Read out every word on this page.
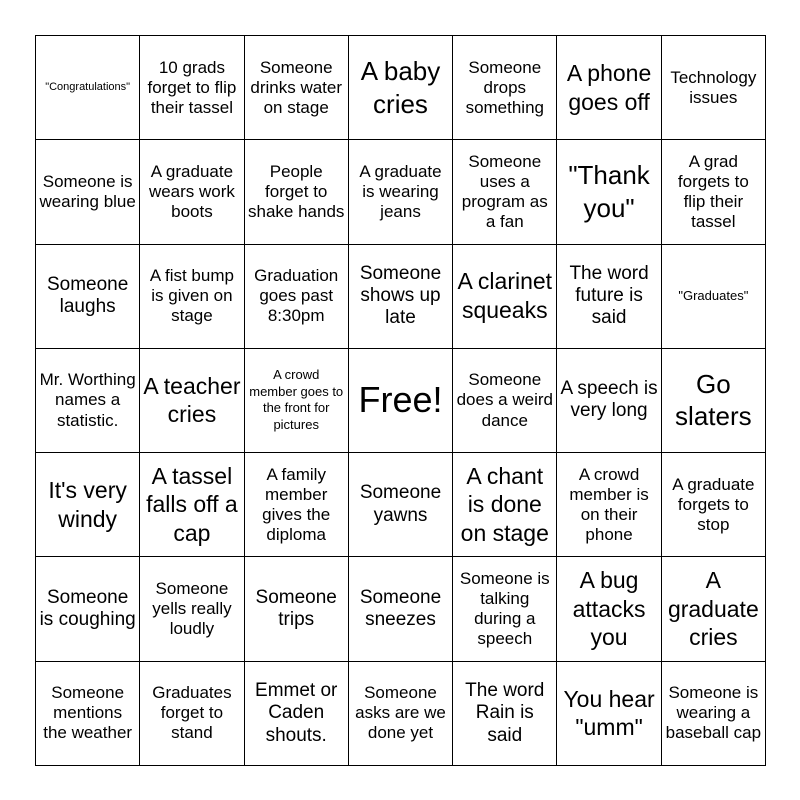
"Congratulations"
10 grads forget to flip their tassel
Someone drinks water on stage
A baby cries
Someone drops something
A phone goes off
Technology issues
Someone is wearing blue
A graduate wears work boots
People forget to shake hands
A graduate is wearing jeans
Someone uses a program as a fan
"Thank you"
A grad forgets to flip their tassel
Someone laughs
A fist bump is given on stage
Graduation goes past 8:30pm
Someone shows up late
A clarinet squeaks
The word future is said
"Graduates"
Mr. Worthing names a statistic.
A teacher cries
A crowd member goes to the front for pictures
Free!	Someone does a weird dance
A speech is very long
Go slaters
It's very windy
A tassel falls off a cap
A family member gives the diploma
Someone yawns
A chant is done on stage
A crowd member is on their phone
A graduate forgets to stop
Someone is coughing
Someone yells really loudly
Someone trips
Someone sneezes
Someone is talking during a speech
A bug attacks you
A graduate cries
Someone mentions the weather
Graduates forget to stand
Emmet or Caden shouts.
Someone asks are we done yet
The word Rain is said
You hear "umm"
Someone is wearing a baseball cap
